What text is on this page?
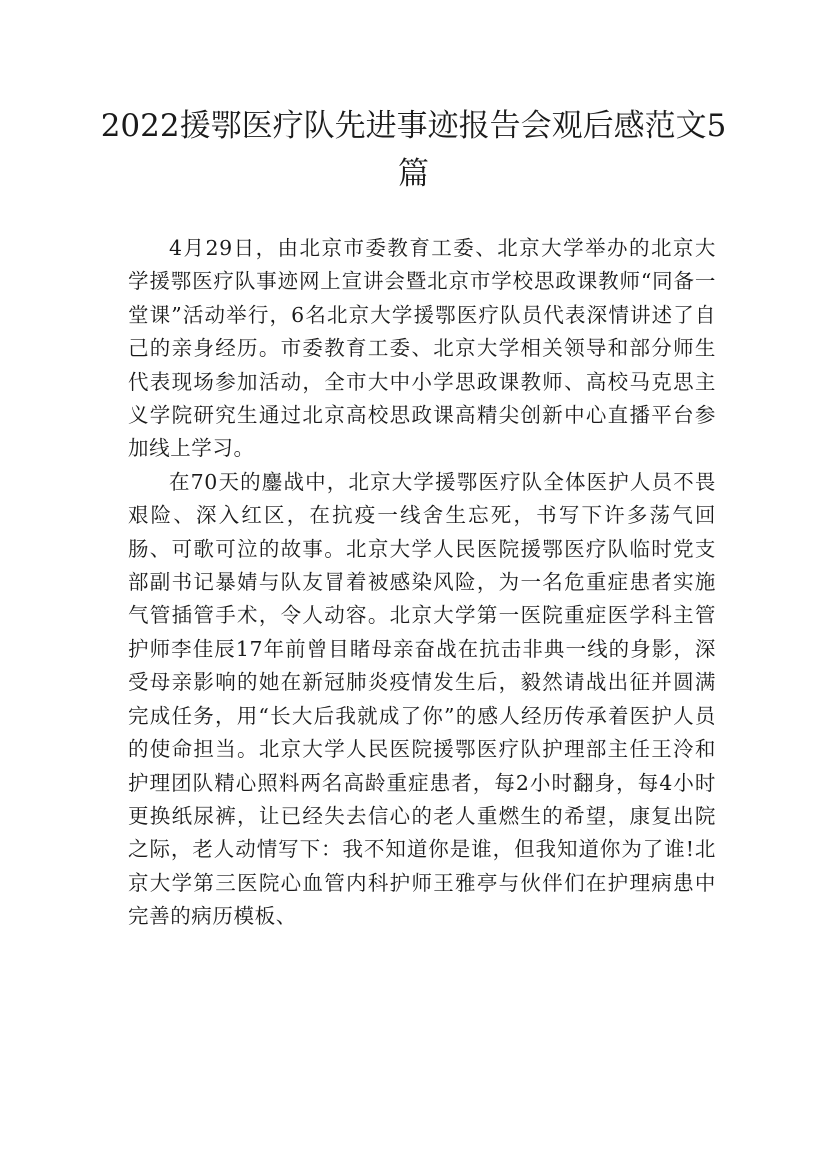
2022援鄂医疗队先进事迹报告会观后感范文5篇

4月29日，由北京市委教育工委、北京大学举办的北京大学援鄂医疗队事迹网上宣讲会暨北京市学校思政课教师“同备一堂课”活动举行，6名北京大学援鄂医疗队员代表深情讲述了自己的亲身经历。市委教育工委、北京大学相关领导和部分师生代表现场参加活动，全市大中小学思政课教师、高校马克思主义学院研究生通过北京高校思政课高精尖创新中心直播平台参加线上学习。

在70天的鏖战中，北京大学援鄂医疗队全体医护人员不畏艰险、深入红区，在抗疫一线舍生忘死，书写下许多荡气回肠、可歌可泣的故事。北京大学人民医院援鄂医疗队临时党支部副书记暴婧与队友冒着被感染风险，为一名危重症患者实施气管插管手术，令人动容。北京大学第一医院重症医学科主管护师李佳辰17年前曾目睹母亲奋战在抗击非典一线的身影，深受母亲影响的她在新冠肺炎疫情发生后，毅然请战出征并圆满完成任务，用“长大后我就成了你”的感人经历传承着医护人员的使命担当。北京大学人民医院援鄂医疗队护理部主任王泠和护理团队精心照料两名高龄重症患者，每2小时翻身，每4小时更换纸尿裤，让已经失去信心的老人重燃生的希望，康复出院之际，老人动情写下：我不知道你是谁，但我知道你为了谁!北京大学第三医院心血管内科护师王雅亭与伙伴们在护理病患中完善的病历模板、
